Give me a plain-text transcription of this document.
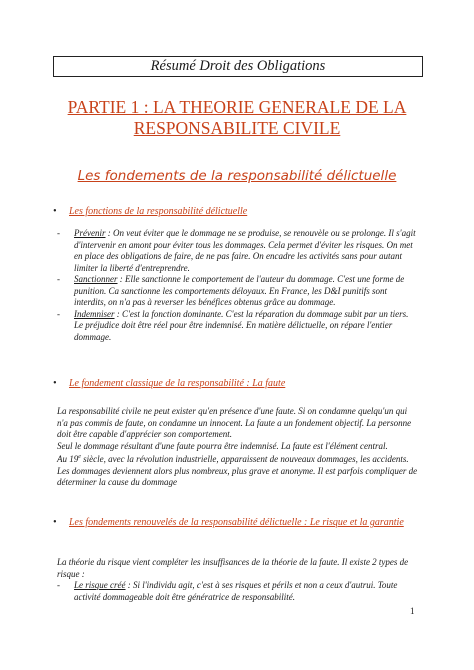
Résumé Droit des Obligations
PARTIE 1 : LA THEORIE GENERALE DE LA RESPONSABILITE CIVILE
Les fondements de la responsabilité délictuelle
• Les fonctions de la responsabilité délictuelle
- Prévenir : On veut éviter que le dommage ne se produise, se renouvèle ou se prolonge. Il s'agit d'intervenir en amont pour éviter tous les dommages. Cela permet d'éviter les risques. On met en place des obligations de faire, de ne pas faire. On encadre les activités sans pour autant limiter la liberté d'entreprendre.
- Sanctionner : Elle sanctionne le comportement de l'auteur du dommage. C'est une forme de punition. Ca sanctionne les comportements déloyaux. En France, les D&I punitifs sont interdits, on n'a pas à reverser les bénéfices obtenus grâce au dommage.
- Indemniser : C'est la fonction dominante. C'est la réparation du dommage subit par un tiers. Le préjudice doit être réel pour être indemnisé. En matière délictuelle, on répare l'entier dommage.
• Le fondement classique de la responsabilité : La faute

La responsabilité civile ne peut exister qu'en présence d'une faute. Si on condamne quelqu'un qui n'a pas commis de faute, on condamne un innocent. La faute a un fondement objectif. La personne doit être capable d'apprécier son comportement.

Seul le dommage résultant d'une faute pourra être indemnisé. La faute est l'élément central.

Au 19e siècle, avec la révolution industrielle, apparaissent de nouveaux dommages, les accidents. Les dommages deviennent alors plus nombreux, plus grave et anonyme. Il est parfois compliquer de déterminer la cause du dommage

• Les fondements renouvelés de la responsabilité délictuelle : Le risque et la garantie

La théorie du risque vient compléter les insuffisances de la théorie de la faute. Il existe 2 types de risque :

- Le risque créé : Si l'individu agit, c'est à ses risques et périls et non a ceux d'autrui. Toute activité dommageable doit être génératrice de responsabilité.
1
